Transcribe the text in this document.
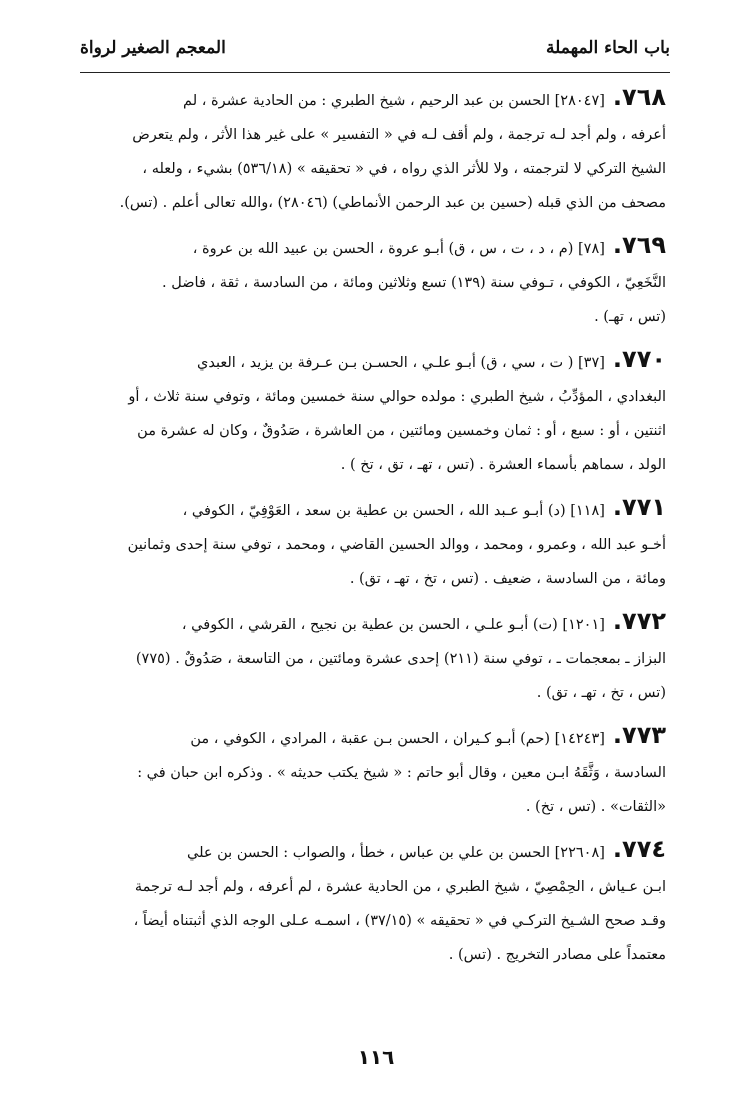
باب الحاء المهملة
المعجم الصغير لرواة
٧٦٨.[٢٨٠٤٧] الحسن بن عبد الرحيم ، شيخ الطبري : من الحادية عشرة ، لم
أعرفه ، ولم أجد لـه ترجمة ، ولم أقف لـه في « التفسير » على غير هذا الأثر ، ولم يتعرض
الشيخ التركي لا لترجمته ، ولا للأثر الذي رواه ، في « تحقيقه » (٥٣٦/١٨) بشيء ، ولعله ،
مصحف من الذي قبله (حسين بن عبد الرحمن الأنماطي) (٢٨٠٤٦) ،والله تعالى أعلم . (تس).
٧٦٩.[٧٨] (م ، د ، ت ، س ، ق) أبـو عروة ، الحسن بن عبيد الله بن عروة ،
النَّخَعِيّ ، الكوفي ، تـوفي سنة (١٣٩) تسع وثلاثين ومائة ، من السادسة ، ثقة ، فاضل .
(تس ، تهـ) .
٧٧٠.[٣٧] ( ت ، سي ، ق) أبـو علـي ، الحسـن بـن عـرفة بن يزيد ، العبدي
البغدادي ، المؤدِّبُ ، شيخ الطبري : مولده حوالي سنة خمسين ومائة ، وتوفي سنة ثلاث ، أو
اثنتين ، أو : سبع ، أو : ثمان وخمسين ومائتين ، من العاشرة ، صَدُوقٌ ، وكان له عشرة من
الولد ، سماهم بأسماء العشرة . (تس ، تهـ ، تق ، تخ ) .
٧٧١.[١١٨] (د) أبـو عـبد الله ، الحسن بن عطية بن سعد ، العَوْفِيّ ، الكوفي ،
أخـو عبد الله ، وعمرو ، ومحمد ، ووالد الحسين القاضي ، ومحمد ، توفي سنة إحدى وثمانين
ومائة ، من السادسة ، ضعيف . (تس ، تخ ، تهـ ، تق) .
٧٧٢.[١٢٠١] (ت) أبـو علـي ، الحسن بن عطية بن نجيح ، القرشي ، الكوفي ،
البزاز ـ بمعجمات ـ ، توفي سنة (٢١١) إحدى عشرة ومائتين ، من التاسعة ، صَدُوقٌ . (٧٧٥)
(تس ، تخ ، تهـ ، تق) .
٧٧٣.[١٤٢٤٣] (حم) أبـو كـيران ، الحسن بـن عقبة ، المرادي ، الكوفي ، من
السادسة ، وَثَّقَهُ ابـن معين ، وقال أبو حاتم : « شيخ يكتب حديثه » . وذكره ابن حبان في :
«الثقات» . (تس ، تخ) .
٧٧٤.[٢٢٦٠٨] الحسن بن علي بن عباس ، خطأ ، والصواب : الحسن بن علي
ابـن عـياش ، الحِمْصِيّ ، شيخ الطبري ، من الحادية عشرة ، لم أعرفه ، ولم أجد لـه ترجمة
وقـد صحح الشـيخ التركـي في « تحقيقه » (٣٧/١٥) ، اسمـه عـلى الوجه الذي أثبتناه أيضاً ،
معتمداً على مصادر التخريج . (تس) .
١١٦
